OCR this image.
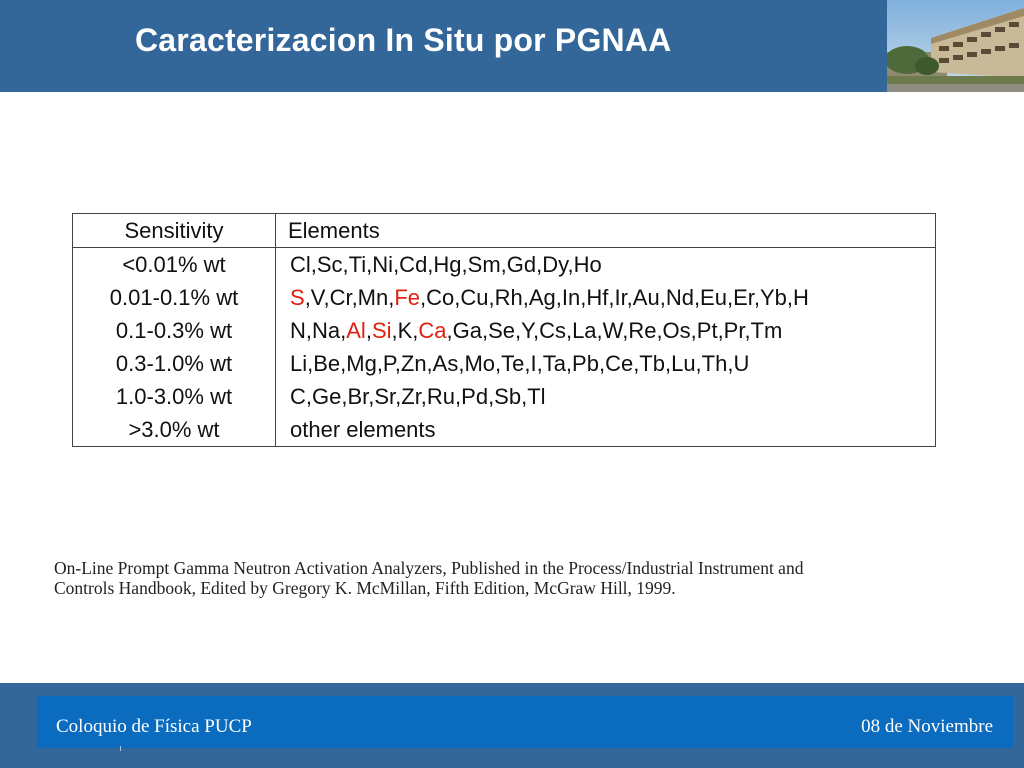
Caracterizacion In Situ por PGNAA
Sensitivity	Elements
<0.01% wt	Cl,Sc,Ti,Ni,Cd,Hg,Sm,Gd,Dy,Ho
0.01-0.1% wt	S,V,Cr,Mn,Fe,Co,Cu,Rh,Ag,In,Hf,Ir,Au,Nd,Eu,Er,Yb,H
0.1-0.3% wt	N,Na,Al,Si,K,Ca,Ga,Se,Y,Cs,La,W,Re,Os,Pt,Pr,Tm
0.3-1.0% wt	Li,Be,Mg,P,Zn,As,Mo,Te,I,Ta,Pb,Ce,Tb,Lu,Th,U
1.0-3.0% wt	C,Ge,Br,Sr,Zr,Ru,Pd,Sb,Tl
>3.0% wt	other elements
On-Line Prompt Gamma Neutron Activation Analyzers, Published in the Process/Industrial Instrument and
Controls Handbook, Edited by Gregory K. McMillan, Fifth Edition, McGraw Hill, 1999.
Coloquio de Física PUCP	08 de Noviembre
